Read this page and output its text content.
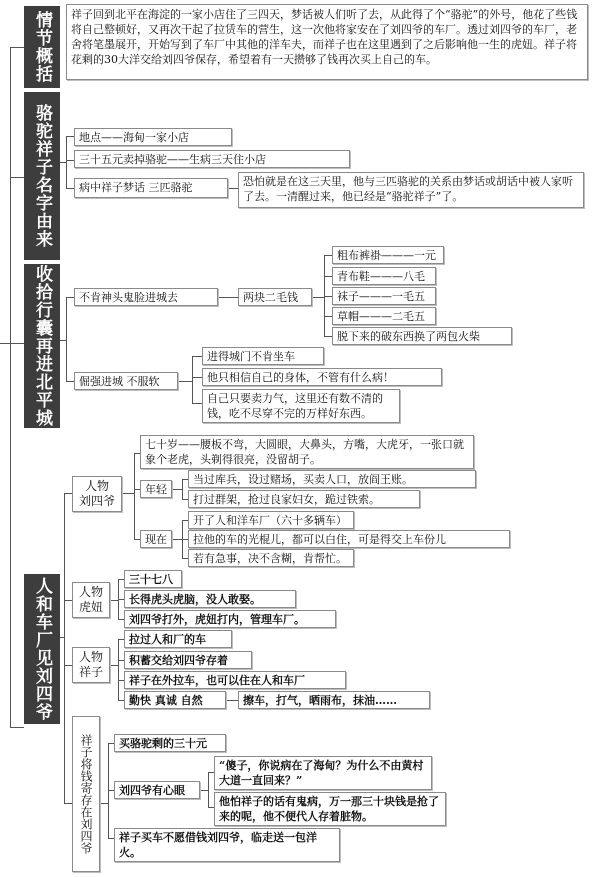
情节概括
骆驼祥子名字由来
收拾行囊再进北平城
人和车厂见刘四爷
祥子回到北平在海淀的一家小店住了三四天，梦话被人们听了去，从此得了个“骆驼”的外号，他花了些钱将自己整顿好，又再次干起了拉赁车的营生，这一次他将家安在了刘四爷的车厂。透过刘四爷的车厂，老舍将笔墨展开，开始写到了车厂中其他的洋车夫，而祥子也在这里遇到了之后影响他一生的虎妞。祥子将花剩的30大洋交给刘四爷保存，希望着有一天攒够了钱再次买上自己的车。
地点——海甸一家小店
三十五元卖掉骆驼——生病三天住小店
病中祥子梦话 三匹骆驼	恐怕就是在这三天里，他与三匹骆驼的关系由梦话或胡话中被人家听了去。一清醒过来，他已经是“骆驼祥子”了。
不肯神头鬼脸进城去	两块二毛钱
粗布裤褂———一元
青布鞋———八毛
袜子———一毛五
草帽———二毛五
脱下来的破东西换了两包火柴
倔强进城 不服软
进得城门不肯坐车
他只相信自己的身体，不管有什么病！
自己只要卖力气，这里还有数不清的钱，吃不尽穿不完的万样好东西。
人物
刘四爷
七十岁——腰板不弯，大圆眼，大鼻头，方嘴，大虎牙，一张口就象个老虎，头剃得很亮，没留胡子。
年轻
当过库兵，设过赌场，买卖人口，放阎王账。
打过群架，抢过良家妇女，跪过铁索。
现在
开了人和洋车厂（六十多辆车）
拉他的车的光棍儿，都可以白住，可是得交上车份儿
若有急事，决不含糊，肯帮忙。
人物
虎妞
三十七八
长得虎头虎脑，没人敢娶。
刘四爷打外，虎妞打内，管理车厂。
人物
祥子
拉过人和厂的车
积蓄交给刘四爷存着
祥子在外拉车，也可以住在人和车厂
勤快 真诚 自然	擦车，打气，晒雨布，抹油……
祥子将钱寄存在刘四爷	买骆驼剩的三十元
刘四爷有心眼
“傻子，你说病在了海甸？为什么不由黄村大道一直回来？”
他怕祥子的话有鬼病，万一那三十块钱是抢了来的呢，他不便代人存着脏物。
祥子买车不愿借钱刘四爷，临走送一包洋火。
